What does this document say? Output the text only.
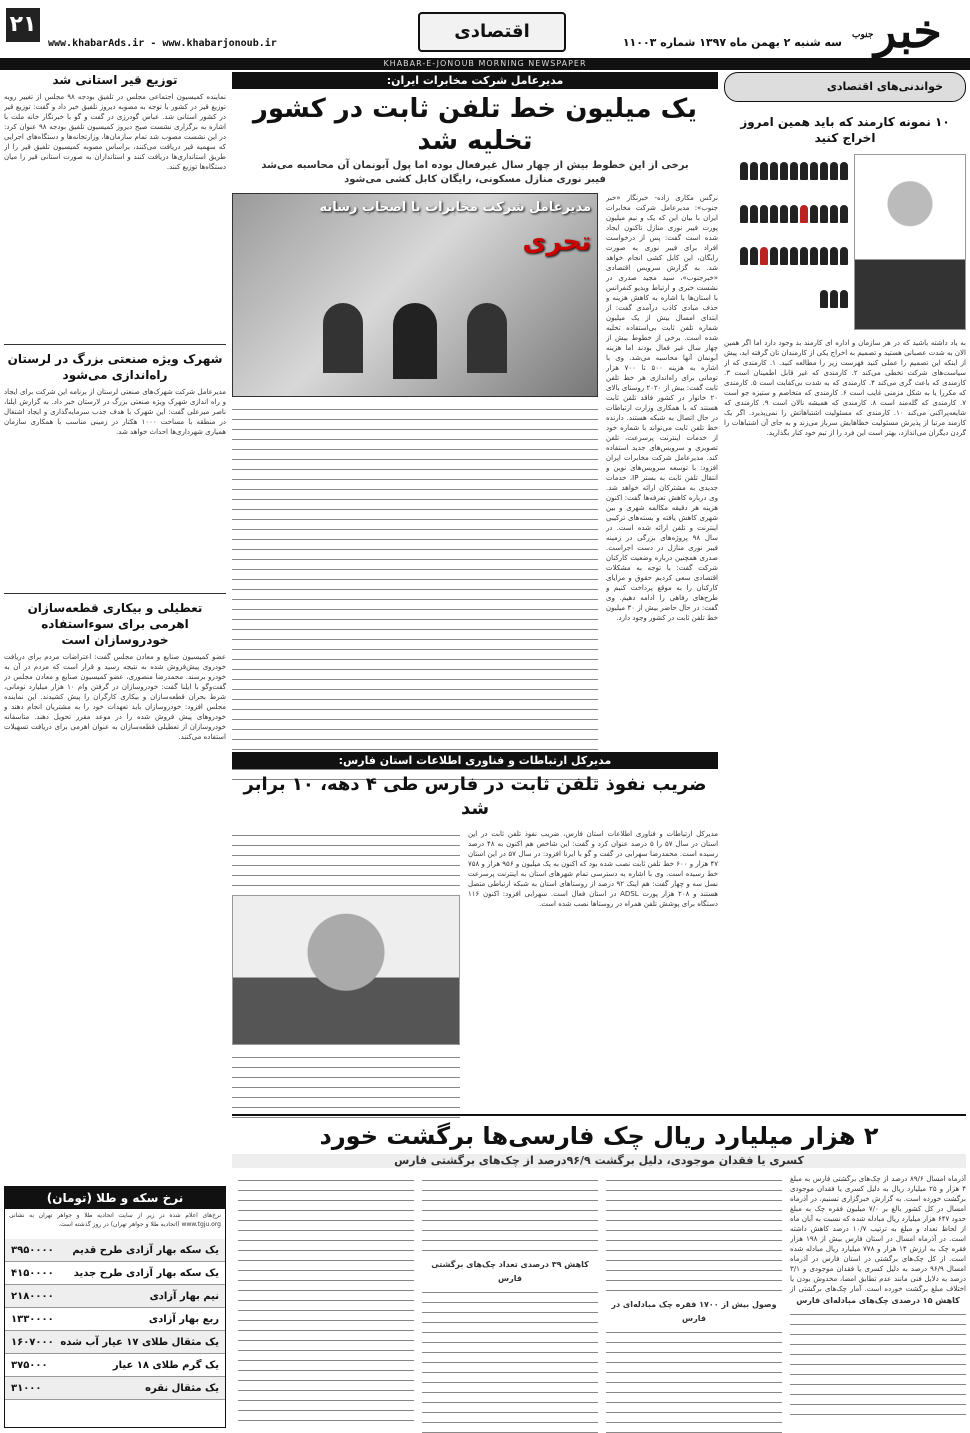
۲۱
www.khabarAds.ir - www.khabarjonoub.ir
اقتصادی
سه شنبه ۲ بهمن ماه ۱۳۹۷ شماره ۱۱۰۰۳
جنوب خبر
KHABAR-E-JONOUB MORNING NEWSPAPER
خواندنی‌های اقتصادی
۱۰ نمونه کارمند که باید همین امروز اخراج کنید
به یاد داشته باشید که در هر سازمان و اداره ای کارمند بد وجود دارد اما اگر همین الان به شدت عصبانی هستید و تصمیم به اخراج یکی از کارمندان تان گرفته اید، پیش از اینکه این تصمیم را عملی کنید فهرست زیر را مطالعه کنید. ۱. کارمندی که از سیاست‌های شرکت تخطی می‌کند ۲. کارمندی که غیر قابل اطمینان است ۳. کارمندی که باعث گری می‌کند ۴. کارمندی که به شدت بی‌کفایت است ۵. کارمندی که مکررا یا به شکل مزمنی غایب است ۶. کارمندی که متخاصم و ستیزه جو است ۷. کارمندی که گله‌مند است ۸. کارمندی که همیشه نالان است ۹. کارمندی که شایعه‌پراکنی می‌کند ۱۰. کارمندی که مسئولیت اشتباهاتش را نمی‌پذیرد. اگر یک کارمند مرتبا از پذیرش مسئولیت خطاهایش سرباز می‌زند و به جای آن اشتباهات را گردن دیگران می‌اندازد، بهتر است این فرد را از تیم خود کنار بگذارید.
مدیرعامل شرکت مخابرات ایران:
یک میلیون خط تلفن ثابت در کشور تخلیه شد
برخی از این خطوط بیش از چهار سال غیرفعال بوده اما پول آبونمان آن محاسبه می‌شد
فیبر نوری منازل مسکونی، رایگان کابل کشی می‌شود
نرگس مکاری زاده- خبرنگار «خبر جنوب»: مدیرعامل شرکت مخابرات ایران با بیان این که یک و نیم میلیون پورت فیبر نوری منازل تاکنون ایجاد شده است گفت: پس از درخواست افراد برای فیبر نوری به صورت رایگان، این کابل کشی انجام خواهد شد. به گزارش سرویس اقتصادی «خبرجنوب»، سید مجید صدری در نشست خبری و ارتباط ویدیو کنفرانس با استان‌ها با اشاره به کاهش هزینه و حذف مبادی کاذب درآمدی گفت: از ابتدای امسال بیش از یک میلیون شماره تلفن ثابت بی‌استفاده تخلیه شده است. برخی از خطوط بیش از چهار سال غیر فعال بودند اما هزینه آبونمان آنها محاسبه می‌شد. وی با اشاره به هزینه ۵۰۰ تا ۷۰۰ هزار تومانی برای راه‌اندازی هر خط تلفن ثابت گفت: بیش از ۲۰۲۰ روستای بالای ۲۰ خانوار در کشور فاقد تلفن ثابت هستند که با همکاری وزارت ارتباطات در حال اتصال به شبکه هستند. دارنده خط تلفن ثابت می‌تواند با شماره خود از خدمات اینترنت پرسرعت، تلفن تصویری و سرویس‌های جدید استفاده کند. مدیرعامل شرکت مخابرات ایران افزود: با توسعه سرویس‌های نوین و انتقال تلفن ثابت به بستر IP، خدمات جدیدی به مشترکان ارائه خواهد شد. وی درباره کاهش تعرفه‌ها گفت: اکنون هزینه هر دقیقه مکالمه شهری و بین شهری کاهش یافته و بسته‌های ترکیبی اینترنت و تلفن ارائه شده است. در سال ۹۸ پروژه‌های بزرگی در زمینه فیبر نوری منازل در دست اجراست. صدری همچنین درباره وضعیت کارکنان شرکت گفت: با توجه به مشکلات اقتصادی سعی کردیم حقوق و مزایای کارکنان را به موقع پرداخت کنیم و طرح‌های رفاهی را ادامه دهیم. وی گفت: در حال حاضر بیش از ۳۰ میلیون خط تلفن ثابت در کشور وجود دارد.
مدیرعامل شرکت مخابرات با اصحاب رسانه
تحری
مدیرکل ارتباطات و فناوری اطلاعات استان فارس:
ضریب نفوذ تلفن ثابت در فارس طی ۴ دهه، ۱۰ برابر شد
مدیرکل ارتباطات و فناوری اطلاعات استان فارس، ضریب نفوذ تلفن ثابت در این استان در سال ۵۷ را ۵ درصد عنوان کرد و گفت: این شاخص هم اکنون به ۴۸ درصد رسیده است. محمدرضا سهرابی در گفت و گو با ایرنا افزود: در سال ۵۷ در این استان ۴۷ هزار و ۶۰۰ خط تلفن ثابت نصب شده بود که اکنون به یک میلیون و ۹۵۶ هزار و ۷۵۸ خط رسیده است. وی با اشاره به دسترسی تمام شهرهای استان به اینترنت پرسرعت نسل سه و چهار گفت: هم اینک ۹۲ درصد از روستاهای استان به شبکه ارتباطی متصل هستند و ۲۰۸ هزار پورت ADSL در استان فعال است. سهرابی افزود: اکنون ۱۱۶ دستگاه برای پوشش تلفن همراه در روستاها نصب شده است.
توزیع قیر استانی شد
نماینده کمیسیون اجتماعی مجلس در تلفیق بودجه ۹۸ مجلس از تغییر رویه توزیع قیر در کشور با توجه به مصوبه دیروز تلفیق خبر داد و گفت: توزیع قیر در کشور استانی شد. عباس گودرزی در گفت و گو با خبرنگار خانه ملت با اشاره به برگزاری نشست صبح دیروز کمیسیون تلفیق بودجه ۹۸ عنوان کرد: در این نشست مصوب شد تمام سازمان‌ها، وزارتخانه‌ها و دستگاه‌های اجرایی که سهمیه قیر دریافت می‌کنند، براساس مصوبه کمیسیون تلفیق قیر را از طریق استانداری‌ها دریافت کنند و استانداران به صورت استانی قیر را میان دستگاه‌ها توزیع کنند.
شهرک ویژه صنعتی بزرگ در لرستان
راه‌اندازی می‌شود
مدیرعامل شرکت شهرک‌های صنعتی لرستان از برنامه این شرکت برای ایجاد و راه اندازی شهرک ویژه صنعتی بزرگ در لارستان خبر داد. به گزارش ایلنا، ناصر میرعلی گفت: این شهرک با هدف جذب سرمایه‌گذاری و ایجاد اشتغال در منطقه با مساحت ۱۰۰۰ هکتار در زمینی مناسب با همکاری سازمان همیاری شهرداری‌ها احداث خواهد شد.
تعطیلی و بیکاری قطعه‌سازان
اهرمی برای سوءاستفاده خودروسازان است
عضو کمیسیون صنایع و معادن مجلس گفت: اعتراضات مردم برای دریافت خودروی پیش‌فروش شده به نتیجه رسید و قرار است که مردم در آن به خودرو برسند. محمدرضا منصوری، عضو کمیسیون صنایع و معادن مجلس در گفت‌وگو با ایلنا گفت: خودروسازان در گرفتن وام ۱۰ هزار میلیارد تومانی، شرط بحران قطعه‌سازان و بیکاری کارگران را پیش کشیدند. این نماینده مجلس افزود: خودروسازان باید تعهدات خود را به مشتریان انجام دهند و خودروهای پیش فروش شده را در موعد مقرر تحویل دهند. متاسفانه خودروسازان از تعطیلی قطعه‌سازان به عنوان اهرمی برای دریافت تسهیلات استفاده می‌کنند.
نرخ سکه و طلا (تومان)
نرخ‌های اعلام شده در زیر از سایت اتحادیه طلا و جواهر تهران به نشانی www.tgju.org (اتحادیه طلا و جواهر تهران) در روز گذشته است.
یک سکه بهار آزادی طرح قدیم
۳۹۵۰۰۰۰
یک سکه بهار آزادی طرح جدید
۴۱۵۰۰۰۰
نیم بهار آزادی
۲۱۸۰۰۰۰
ربع بهار آزادی
۱۳۳۰۰۰۰
یک مثقال طلای ۱۷ عیار آب شده
۱۶۰۷۰۰۰
یک گرم طلای ۱۸ عیار
۳۷۵۰۰۰
یک مثقال نقره
۳۱۰۰۰
۲ هزار میلیارد ریال چک فارسی‌ها برگشت خورد
کسری یا فقدان موجودی، دلیل برگشت ۹۶/۹درصد از چک‌های برگشتی فارس
آذرماه امسال ۸۹/۶ درصد از چک‌های برگشتی فارس به مبلغ ۴ هزار و ۲۵ میلیارد ریال به دلیل کسری یا فقدان موجودی برگشت خورده است. به گزارش خبرگزاری تسنیم، در آذرماه امسال در کل کشور بالغ بر ۷/۰ میلیون فقره چک به مبلغ حدود ۶۴۷ هزار میلیارد ریال مبادله شده که نسبت به آبان ماه از لحاظ تعداد و مبلغ به ترتیب ۱۰/۷ درصد کاهش داشته است. در آذرماه امسال در استان فارس بیش از ۱۹۸ هزار فقره چک به ارزش ۱۴ هزار و ۷۷۸ میلیارد ریال مبادله شده است. از کل چک‌های برگشتی در استان فارس در آذرماه امسال ۹۶/۹ درصد به دلیل کسری یا فقدان موجودی و ۳/۱ درصد به دلایل فنی مانند عدم تطابق امضا، مخدوش بودن یا اختلاف مبلغ برگشت خورده است. آمار چک‌های برگشتی از
کاهش ۱۵ درصدی چک‌های مبادله‌ای فارس
وصول بیش از ۱۷۰۰ فقره چک مبادله‌ای در فارس
کاهش ۳۹ درصدی تعداد چک‌های برگشتی فارس
